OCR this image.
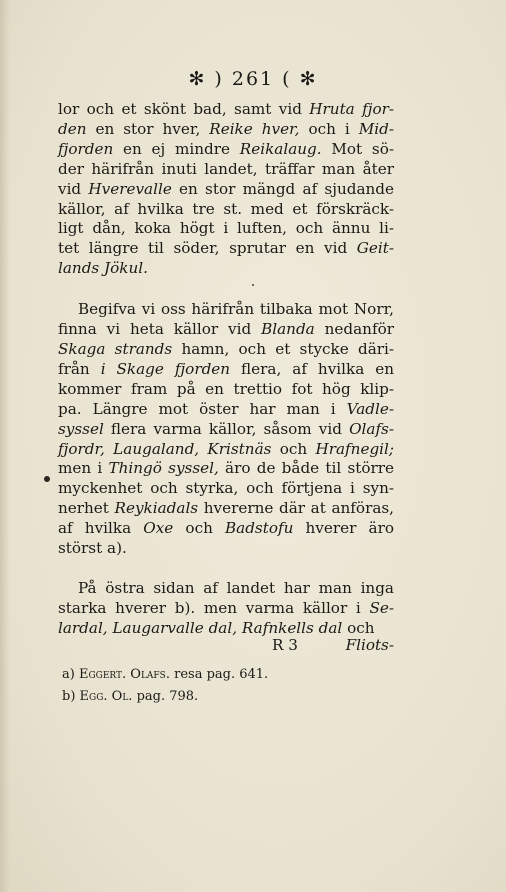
✻ ) 261 ( ✻
lor och et skönt bad, samt vid Hruta fjor-
den en stor hver, Reike hver, och i Mid-
fjorden en ej mindre Reikalaug. Mot sö-
der härifrån inuti landet, träffar man åter
vid Hverevalle en stor mängd af sjudande
källor, af hvilka tre st. med et förskräck-
ligt dån, koka högt i luften, och ännu li-
tet längre til söder, sprutar en vid Geit-
lands Jökul.
Begifva vi oss härifrån tilbaka mot Norr,
finna vi heta källor vid Blanda nedanför
Skaga strands hamn, och et stycke däri-
från i Skage fjorden flera, af hvilka en
kommer fram på en trettio fot hög klip-
pa. Längre mot öster har man i Vadle-
syssel flera varma källor, såsom vid Olafs-
fjordr, Laugaland, Kristnäs och Hrafnegil;
men i Thingö syssel, äro de både til större
myckenhet och styrka, och förtjena i syn-
nerhet Reykiadals hvererne där at anföras,
af hvilka Oxe och Badstofu hverer äro
störst a).
På östra sidan af landet har man inga
starka hverer b). men varma källor i Se-
lardal, Laugarvalle dal, Rafnkells dal och
R 3	Fliots-
a) Eggert. Olafs. resa pag. 641.
b) Egg. Ol. pag. 798.
